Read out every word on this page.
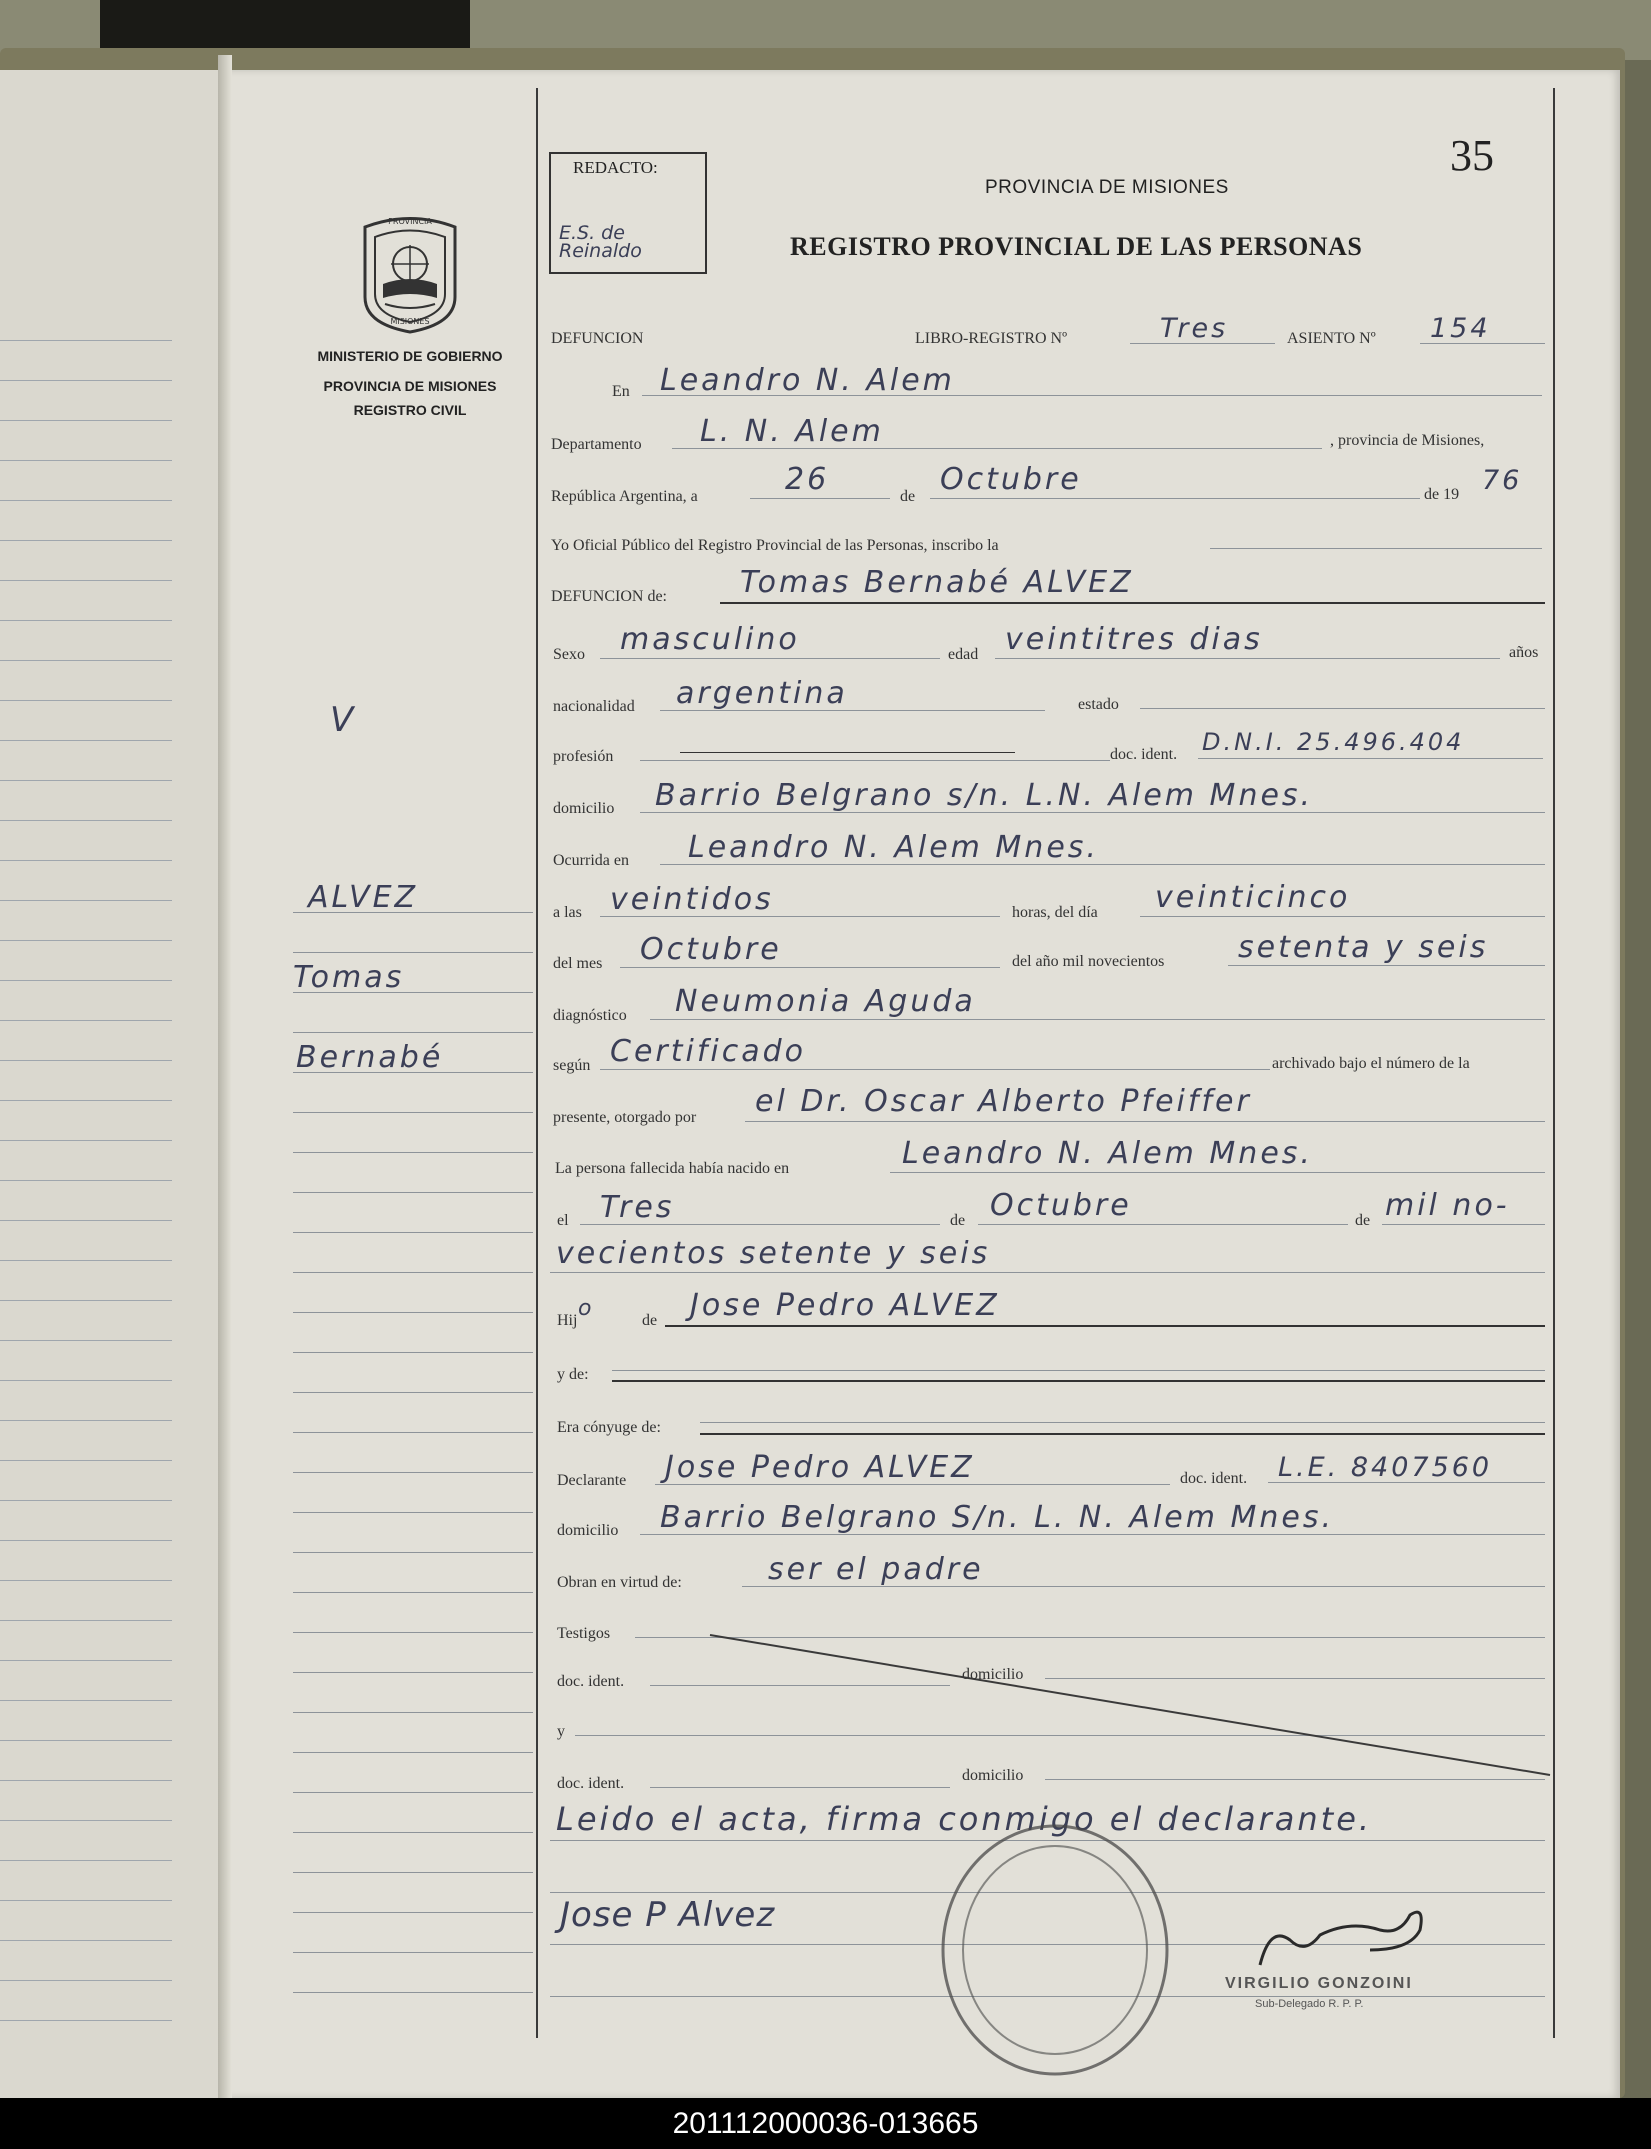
35
REDACTO:
E.S. de Reinaldo
PROVINCIA DE MISIONES
REGISTRO PROVINCIAL DE LAS PERSONAS
PROVINCIA
MISIONES
MINISTERIO DE GOBIERNO
PROVINCIA DE MISIONES
REGISTRO CIVIL
V
ALVEZ
Tomas
Bernabé
DEFUNCION	LIBRO-REGISTRO Nº	Tres	ASIENTO Nº 154
En Leandro N. Alem
Departamento L. N. Alem	, provincia de Misiones,
República Argentina, a	26	de Octubre	de 19 76
Yo Oficial Público del Registro Provincial de las Personas, inscribo la
DEFUNCION de: Tomas Bernabé ALVEZ
Sexo masculino	edad veintitres dias	años
nacionalidad argentina	estado
profesión	doc. ident. D.N.I. 25.496.404
domicilio Barrio Belgrano s/n. L.N. Alem Mnes.
Ocurrida en Leandro N. Alem Mnes.
a las veintidos	horas, del día veinticinco
del mes Octubre	del año mil novecientos setenta y seis
diagnóstico Neumonia Aguda
según Certificado	archivado bajo el número de la
presente, otorgado por el Dr. Oscar Alberto Pfeiffer
La persona fallecida había nacido en	Leandro N. Alem Mnes.
el Tres	de Octubre	de mil no-
vecientos setente y seis
Hij o	de Jose Pedro ALVEZ
y de:
Era cónyuge de:
Declarante Jose Pedro ALVEZ	doc. ident. L.E. 8407560
domicilio Barrio Belgrano S/n. L. N. Alem Mnes.
Obran en virtud de:	ser el padre
Testigos
doc. ident.	domicilio
y
doc. ident.	domicilio
Leido el acta, firma conmigo el declarante.
Jose P Alvez
VIRGILIO GONZOINI
Sub-Delegado R. P. P.
201112000036-013665
